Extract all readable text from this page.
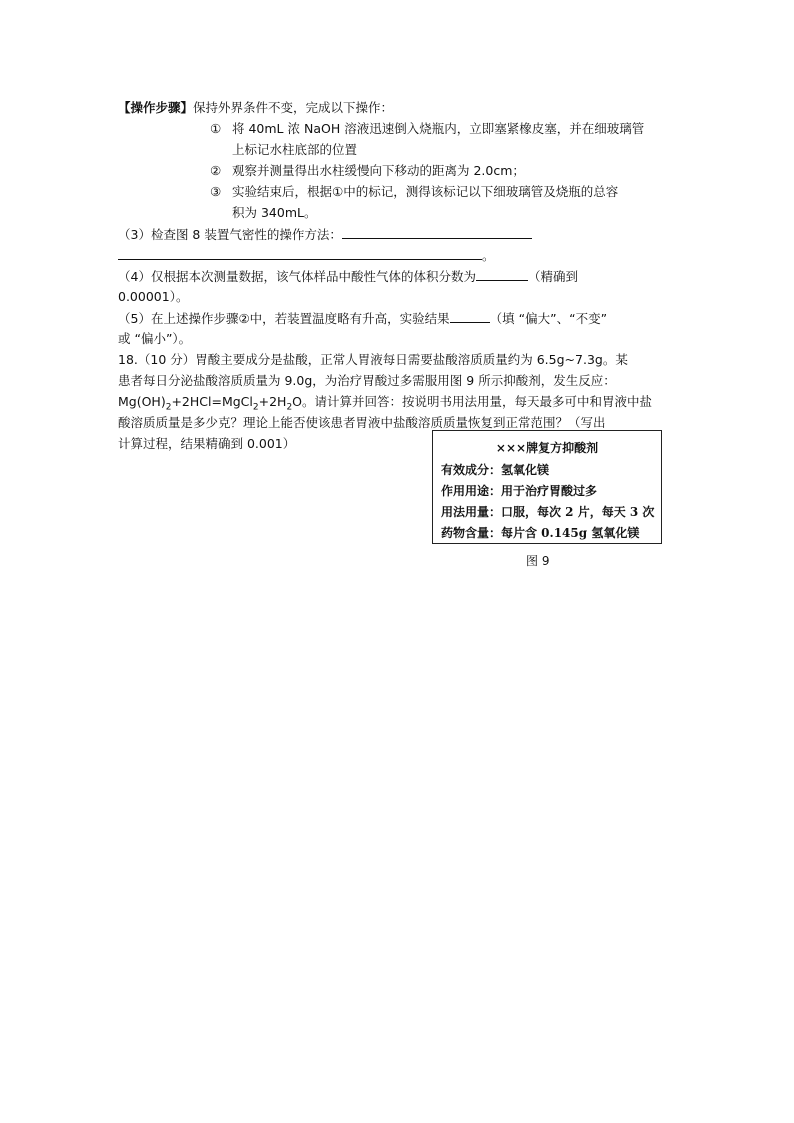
【操作步骤】保持外界条件不变，完成以下操作：
① 将 40mL 浓 NaOH 溶液迅速倒入烧瓶内，立即塞紧橡皮塞，并在细玻璃管
上标记水柱底部的位置
② 观察并测量得出水柱缓慢向下移动的距离为 2.0cm；
③ 实验结束后，根据①中的标记，测得该标记以下细玻璃管及烧瓶的总容
积为 340mL。
（3）检查图 8 装置气密性的操作方法：
。
（4）仅根据本次测量数据，该气体样品中酸性气体的体积分数为	（精确到
0.00001）。
（5）在上述操作步骤②中，若装置温度略有升高，实验结果	（填 “偏大”、“不变”
或 “偏小”）。
18.（10 分）胃酸主要成分是盐酸，正常人胃液每日需要盐酸溶质质量约为 6.5g~7.3g。某
患者每日分泌盐酸溶质质量为 9.0g，为治疗胃酸过多需服用图 9 所示抑酸剂，发生反应：
$Mg(OH)_2+2HCl=MgCl_2+2H_2O$。请计算并回答：按说明书用法用量，每天最多可中和胃液中盐
酸溶质质量是多少克？理论上能否使该患者胃液中盐酸溶质质量恢复到正常范围？（写出
计算过程，结果精确到 0.001）	×××牌复方抑酸剂
有效成分：氢氧化镁
作用用途：用于治疗胃酸过多
用法用量：口服，每次 2 片，每天 3 次
药物含量：每片含 0.145g 氢氧化镁
图 9
